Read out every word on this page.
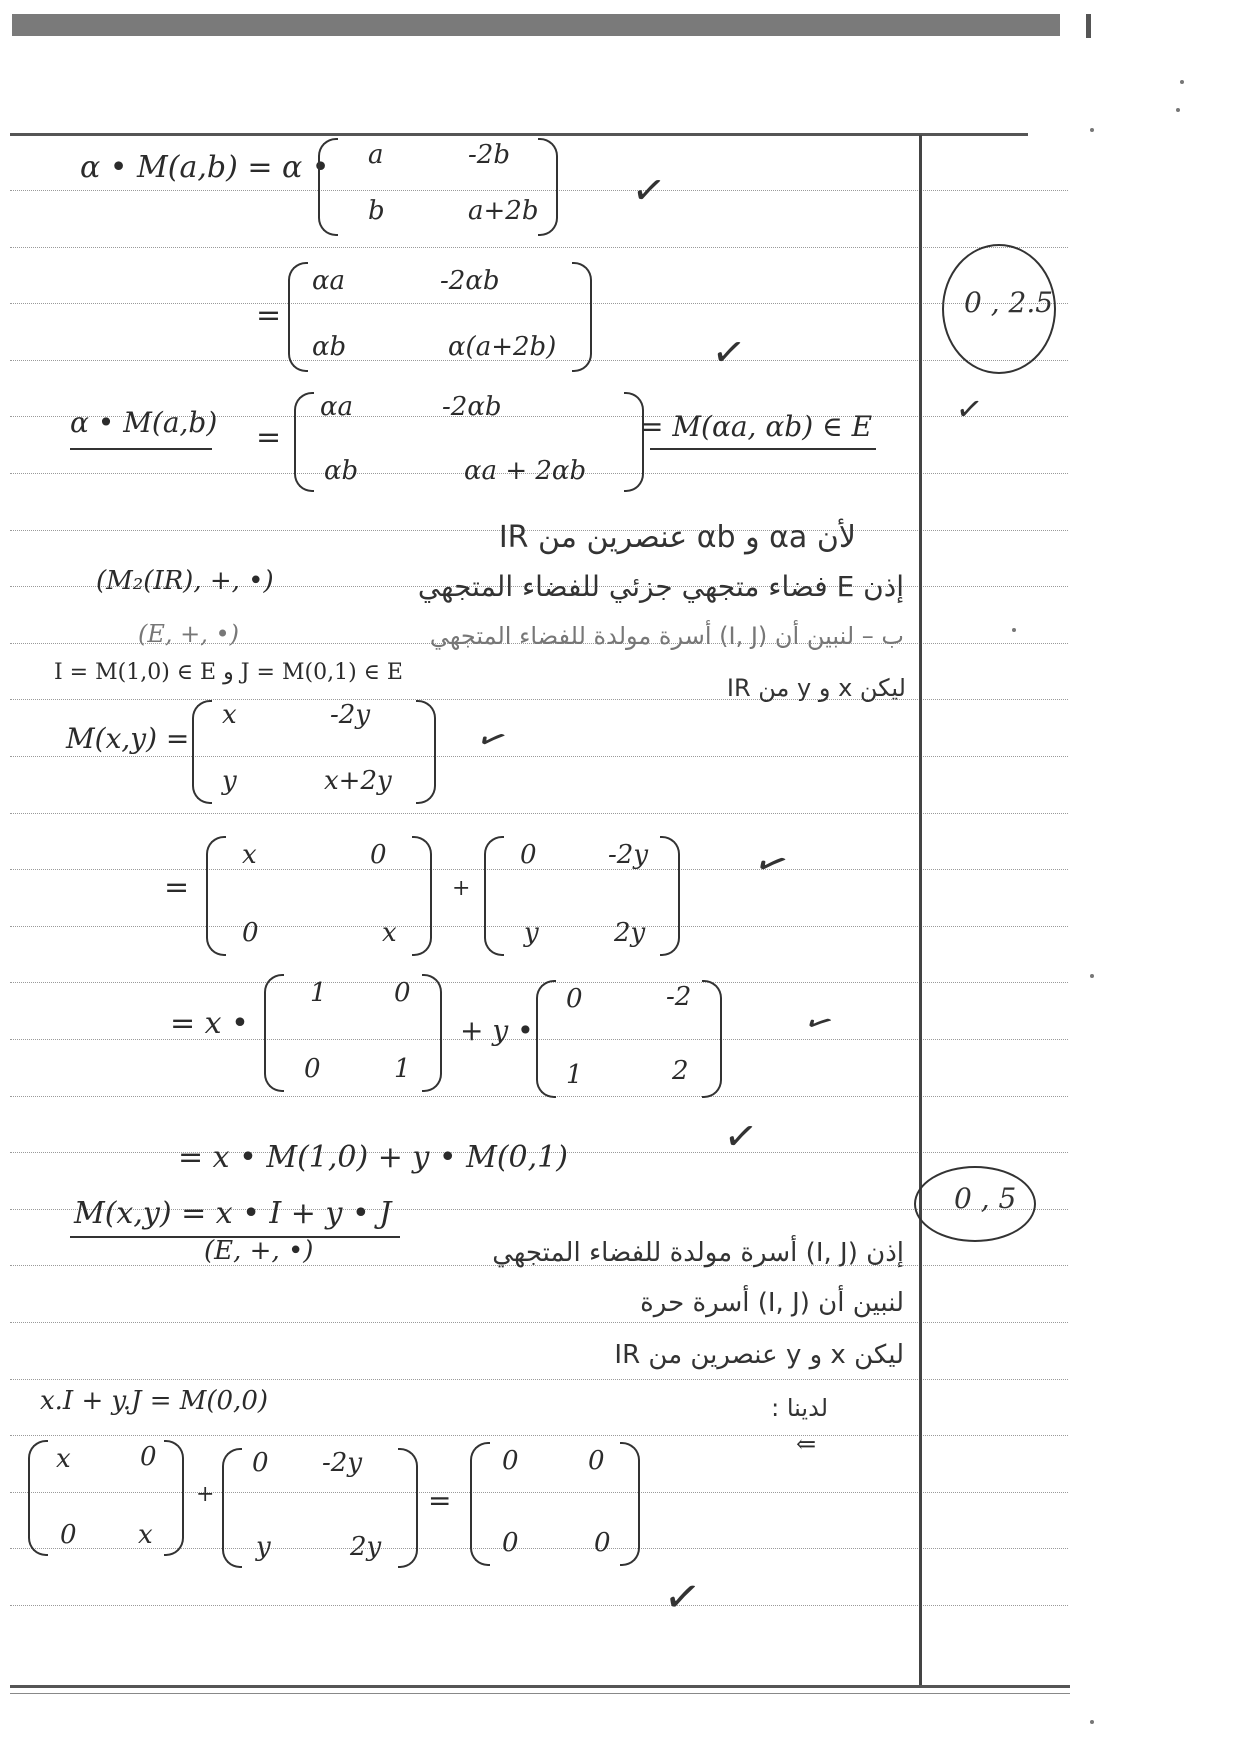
α • M(a,b) = α • a	-2b
b	a+2b ✓
=
αa	-2αb
αb	α(a+2b)	✓
0 , 2.5
✓
α • M(a,b) =
αa	-2αb
αb	αa + 2αb
= M(αa, αb) ∈ E
لأن αa و αb عنصرين من IR
إذن E فضاء متجهي جزئي للفضاء المتجهي
(M₂(IR), +, •)
ب – لنبين أن (I, J) أسرة مولدة للفضاء المتجهي
(E, +, •)
I = M(1,0) ∈ E و J = M(0,1) ∈ E
ليكن x و y من IR
M(x,y) =
x	-2y
y	x+2y
✓
=
x	0
0	x
+
0	-2y
y	2y
✓
= x •
1	0
0	1
+ y •
0	-2
1	2
✓
= x • M(1,0) + y • M(0,1)	✓
0 , 5
M(x,y) = x • I + y • J
إذن (I, J) أسرة مولدة للفضاء المتجهي
(E, +, •)
لنبين أن (I, J) أسرة حرة
ليكن x و y عنصرين من IR
x.I + y.J = M(0,0)	لدينا :
⇐
x	0
0 x
+
0 -2y
y	2y
=
0	0
0	0
✓
